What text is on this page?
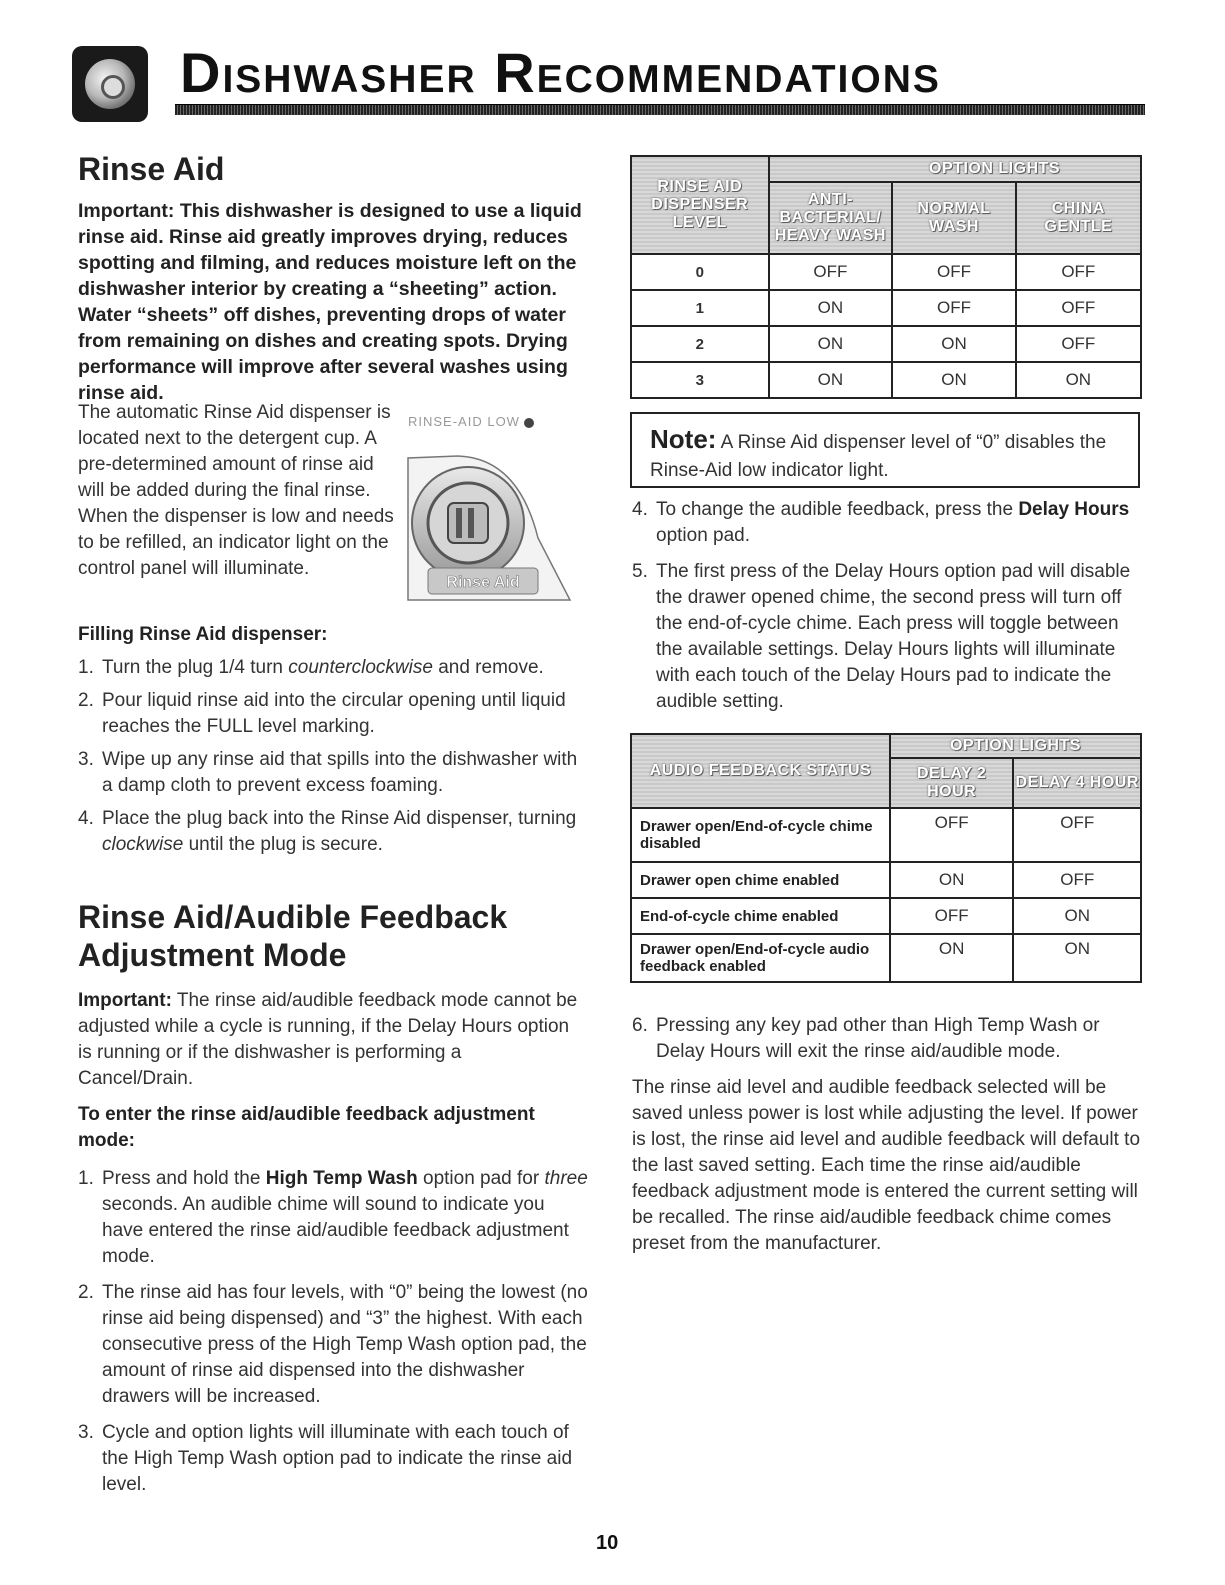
Dishwasher Recommendations
Rinse Aid

Important: This dishwasher is designed to use a liquid rinse aid. Rinse aid greatly improves drying, reduces spotting and filming, and reduces moisture left on the dishwasher interior by creating a “sheeting” action. Water “sheets” off dishes, preventing drops of water from remaining on dishes and creating spots. Drying performance will improve after several washes using rinse aid.

The automatic Rinse Aid dispenser is located next to the detergent cup. A pre-determined amount of rinse aid will be added during the final rinse. When the dispenser is low and needs to be refilled, an indicator light on the control panel will illuminate.

Filling Rinse Aid dispenser:

1. Turn the plug 1/4 turn counterclockwise and remove.
2. Pour liquid rinse aid into the circular opening until liquid reaches the FULL level marking.
3. Wipe up any rinse aid that spills into the dishwasher with a damp cloth to prevent excess foaming.
4. Place the plug back into the Rinse Aid dispenser, turning clockwise until the plug is secure.
Rinse Aid/Audible Feedback Adjustment Mode

Important: The rinse aid/audible feedback mode cannot be adjusted while a cycle is running, if the Delay Hours option is running or if the dishwasher is performing a Cancel/Drain.

To enter the rinse aid/audible feedback adjustment mode:

1. Press and hold the High Temp Wash option pad for three seconds. An audible chime will sound to indicate you have entered the rinse aid/audible feedback adjustment mode.
2. The rinse aid has four levels, with “0” being the lowest (no rinse aid being dispensed) and “3” the highest. With each consecutive press of the High Temp Wash option pad, the amount of rinse aid dispensed into the dishwasher drawers will be increased.
3. Cycle and option lights will illuminate with each touch of the High Temp Wash option pad to indicate the rinse aid level.
RINSE-AID LOW
Rinse Aid
RINSE AID DISPENSER LEVEL	OPTION LIGHTS		
	ANTI-BACTERIAL/ HEAVY WASH	NORMAL WASH	CHINA GENTLE
0	OFF	OFF	OFF
1	ON	OFF	OFF
2	ON	ON	OFF
3	ON	ON	ON
Note: A Rinse Aid dispenser level of “0” disables the Rinse-Aid low indicator light.
4. To change the audible feedback, press the Delay Hours option pad.
5. The first press of the Delay Hours option pad will disable the drawer opened chime, the second press will turn off the end-of-cycle chime. Each press will toggle between the available settings. Delay Hours lights will illuminate with each touch of the Delay Hours pad to indicate the audible setting.
AUDIO FEEDBACK STATUS	OPTION LIGHTS	
	DELAY 2 HOUR	DELAY 4 HOUR
Drawer open/End-of-cycle chime disabled	OFF	OFF
Drawer open chime enabled	ON	OFF
End-of-cycle chime enabled	OFF	ON
Drawer open/End-of-cycle audio feedback enabled	ON	ON
6. Pressing any key pad other than High Temp Wash or Delay Hours will exit the rinse aid/audible mode.

The rinse aid level and audible feedback selected will be saved unless power is lost while adjusting the level. If power is lost, the rinse aid level and audible feedback will default to the last saved setting. Each time the rinse aid/audible feedback adjustment mode is entered the current setting will be recalled. The rinse aid/audible feedback chime comes preset from the manufacturer.

10
